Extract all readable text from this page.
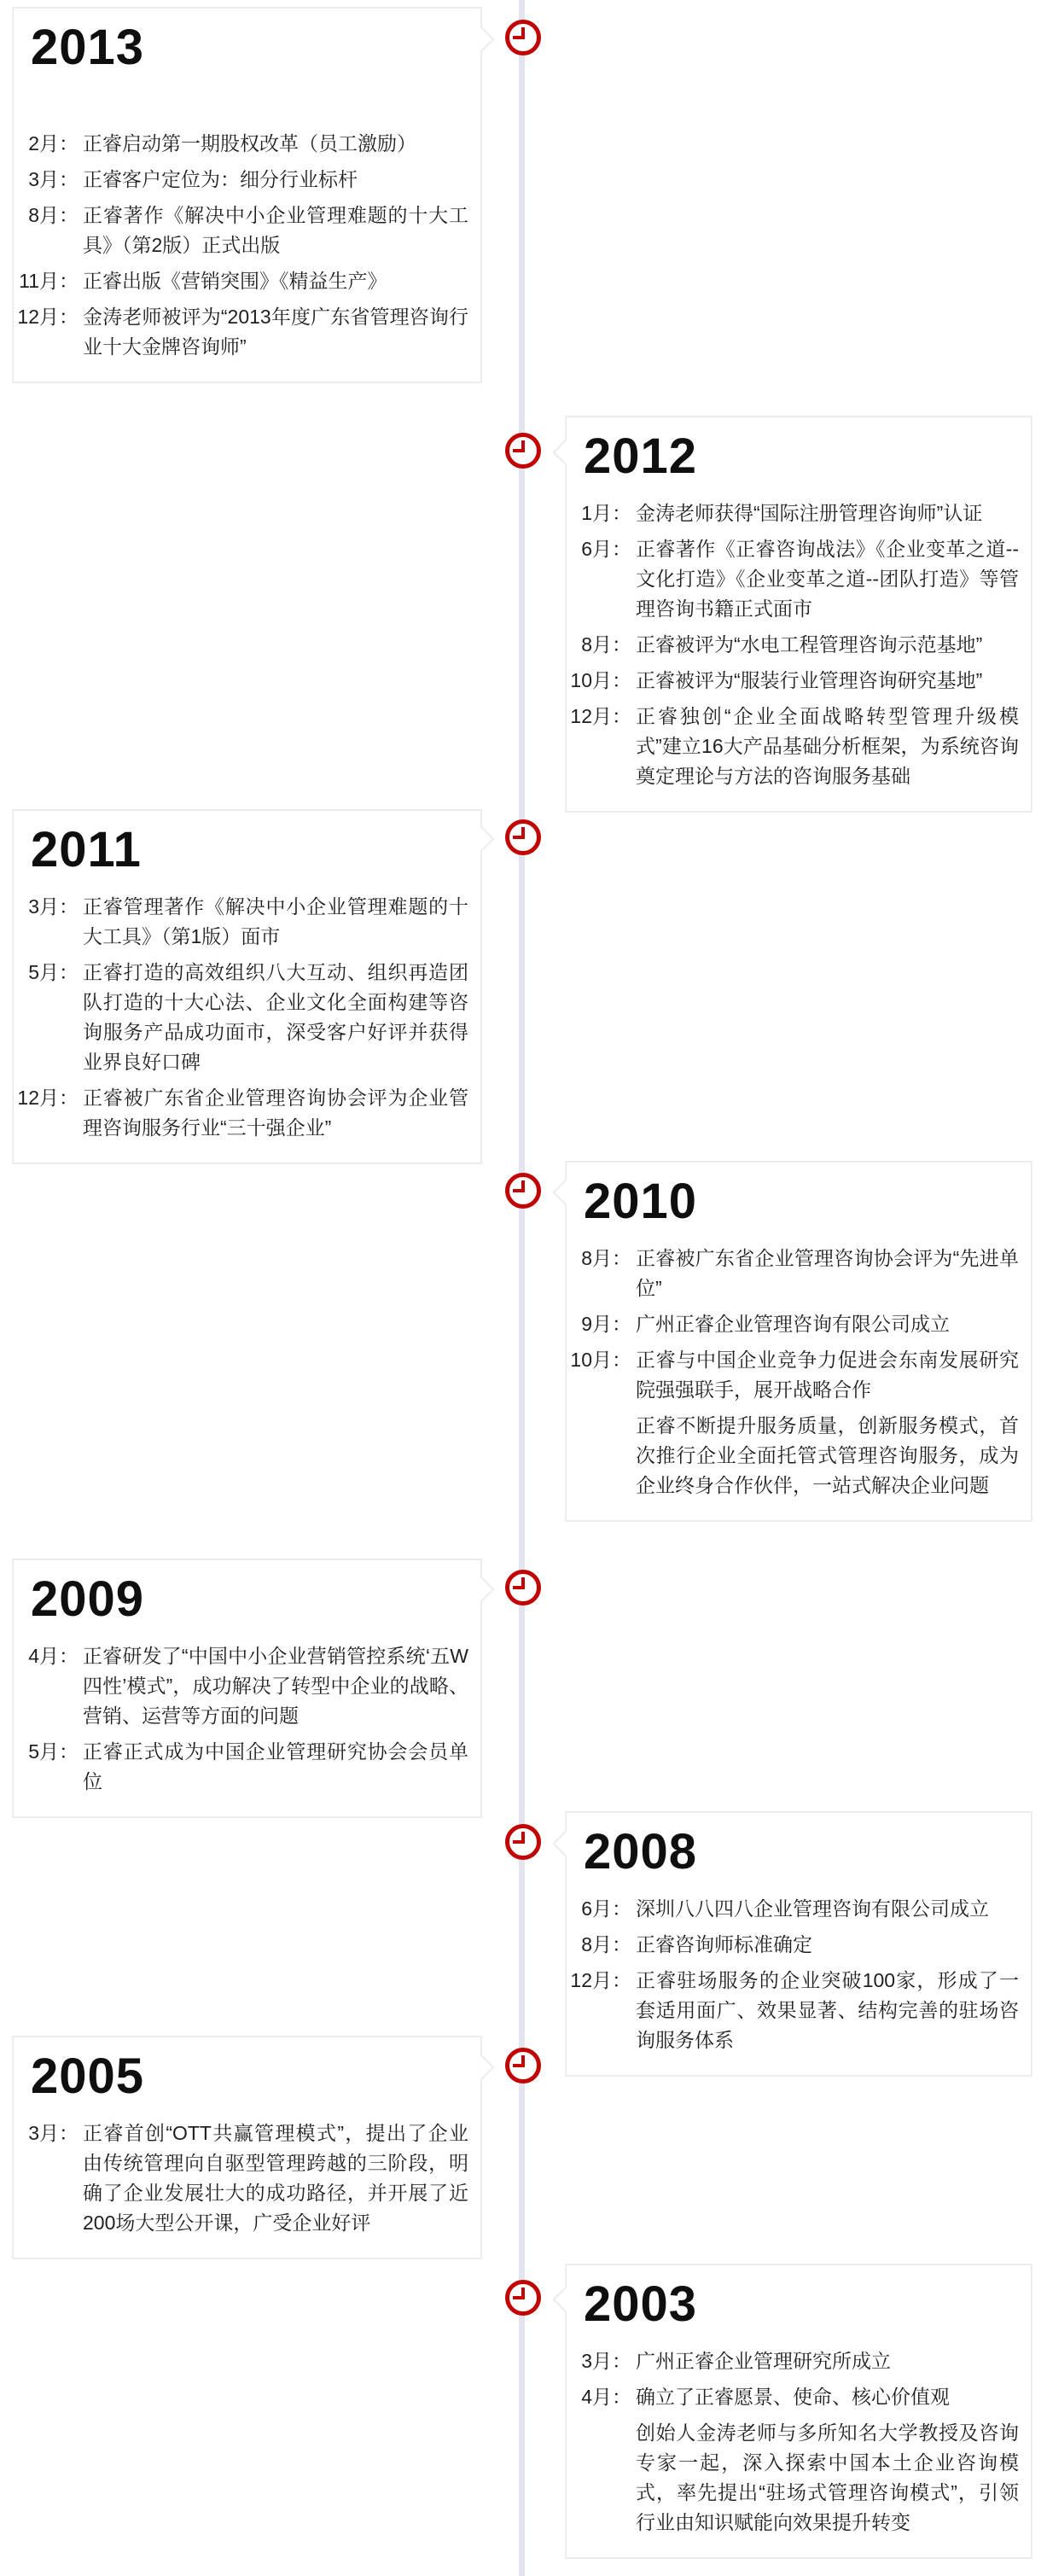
2013
2月： 正睿启动第一期股权改革（员工激励）
3月： 正睿客户定位为：细分行业标杆
8月： 正睿著作《解决中小企业管理难题的十大工具》（第2版）正式出版
11月： 正睿出版《营销突围》《精益生产》
12月： 金涛老师被评为“2013年度广东省管理咨询行业十大金牌咨询师”
2012
1月： 金涛老师获得“国际注册管理咨询师”认证
6月： 正睿著作《正睿咨询战法》《企业变革之道--文化打造》《企业变革之道--团队打造》等管理咨询书籍正式面市
8月： 正睿被评为“水电工程管理咨询示范基地”
10月： 正睿被评为“服装行业管理咨询研究基地”
12月： 正睿独创“企业全面战略转型管理升级模式”建立16大产品基础分析框架，为系统咨询奠定理论与方法的咨询服务基础
2011
3月： 正睿管理著作《解决中小企业管理难题的十大工具》（第1版）面市
5月： 正睿打造的高效组织八大互动、组织再造团队打造的十大心法、企业文化全面构建等咨询服务产品成功面市，深受客户好评并获得业界良好口碑
12月： 正睿被广东省企业管理咨询协会评为企业管理咨询服务行业“三十强企业”
2010
8月： 正睿被广东省企业管理咨询协会评为“先进单位”
9月： 广州正睿企业管理咨询有限公司成立
10月： 正睿与中国企业竞争力促进会东南发展研究院强强联手，展开战略合作
正睿不断提升服务质量，创新服务模式，首次推行企业全面托管式管理咨询服务，成为企业终身合作伙伴，一站式解决企业问题
2009
4月： 正睿研发了“中国中小企业营销管控系统‘五W四性’模式”，成功解决了转型中企业的战略、营销、运营等方面的问题
5月： 正睿正式成为中国企业管理研究协会会员单位
2008
6月： 深圳八八四八企业管理咨询有限公司成立
8月： 正睿咨询师标准确定
12月： 正睿驻场服务的企业突破100家，形成了一套适用面广、效果显著、结构完善的驻场咨询服务体系
2005
3月： 正睿首创“OTT共赢管理模式”，提出了企业由传统管理向自驱型管理跨越的三阶段，明确了企业发展壮大的成功路径，并开展了近200场大型公开课，广受企业好评
2003
3月： 广州正睿企业管理研究所成立
4月： 确立了正睿愿景、使命、核心价值观
创始人金涛老师与多所知名大学教授及咨询专家一起，深入探索中国本土企业咨询模式，率先提出“驻场式管理咨询模式”，引领行业由知识赋能向效果提升转变
